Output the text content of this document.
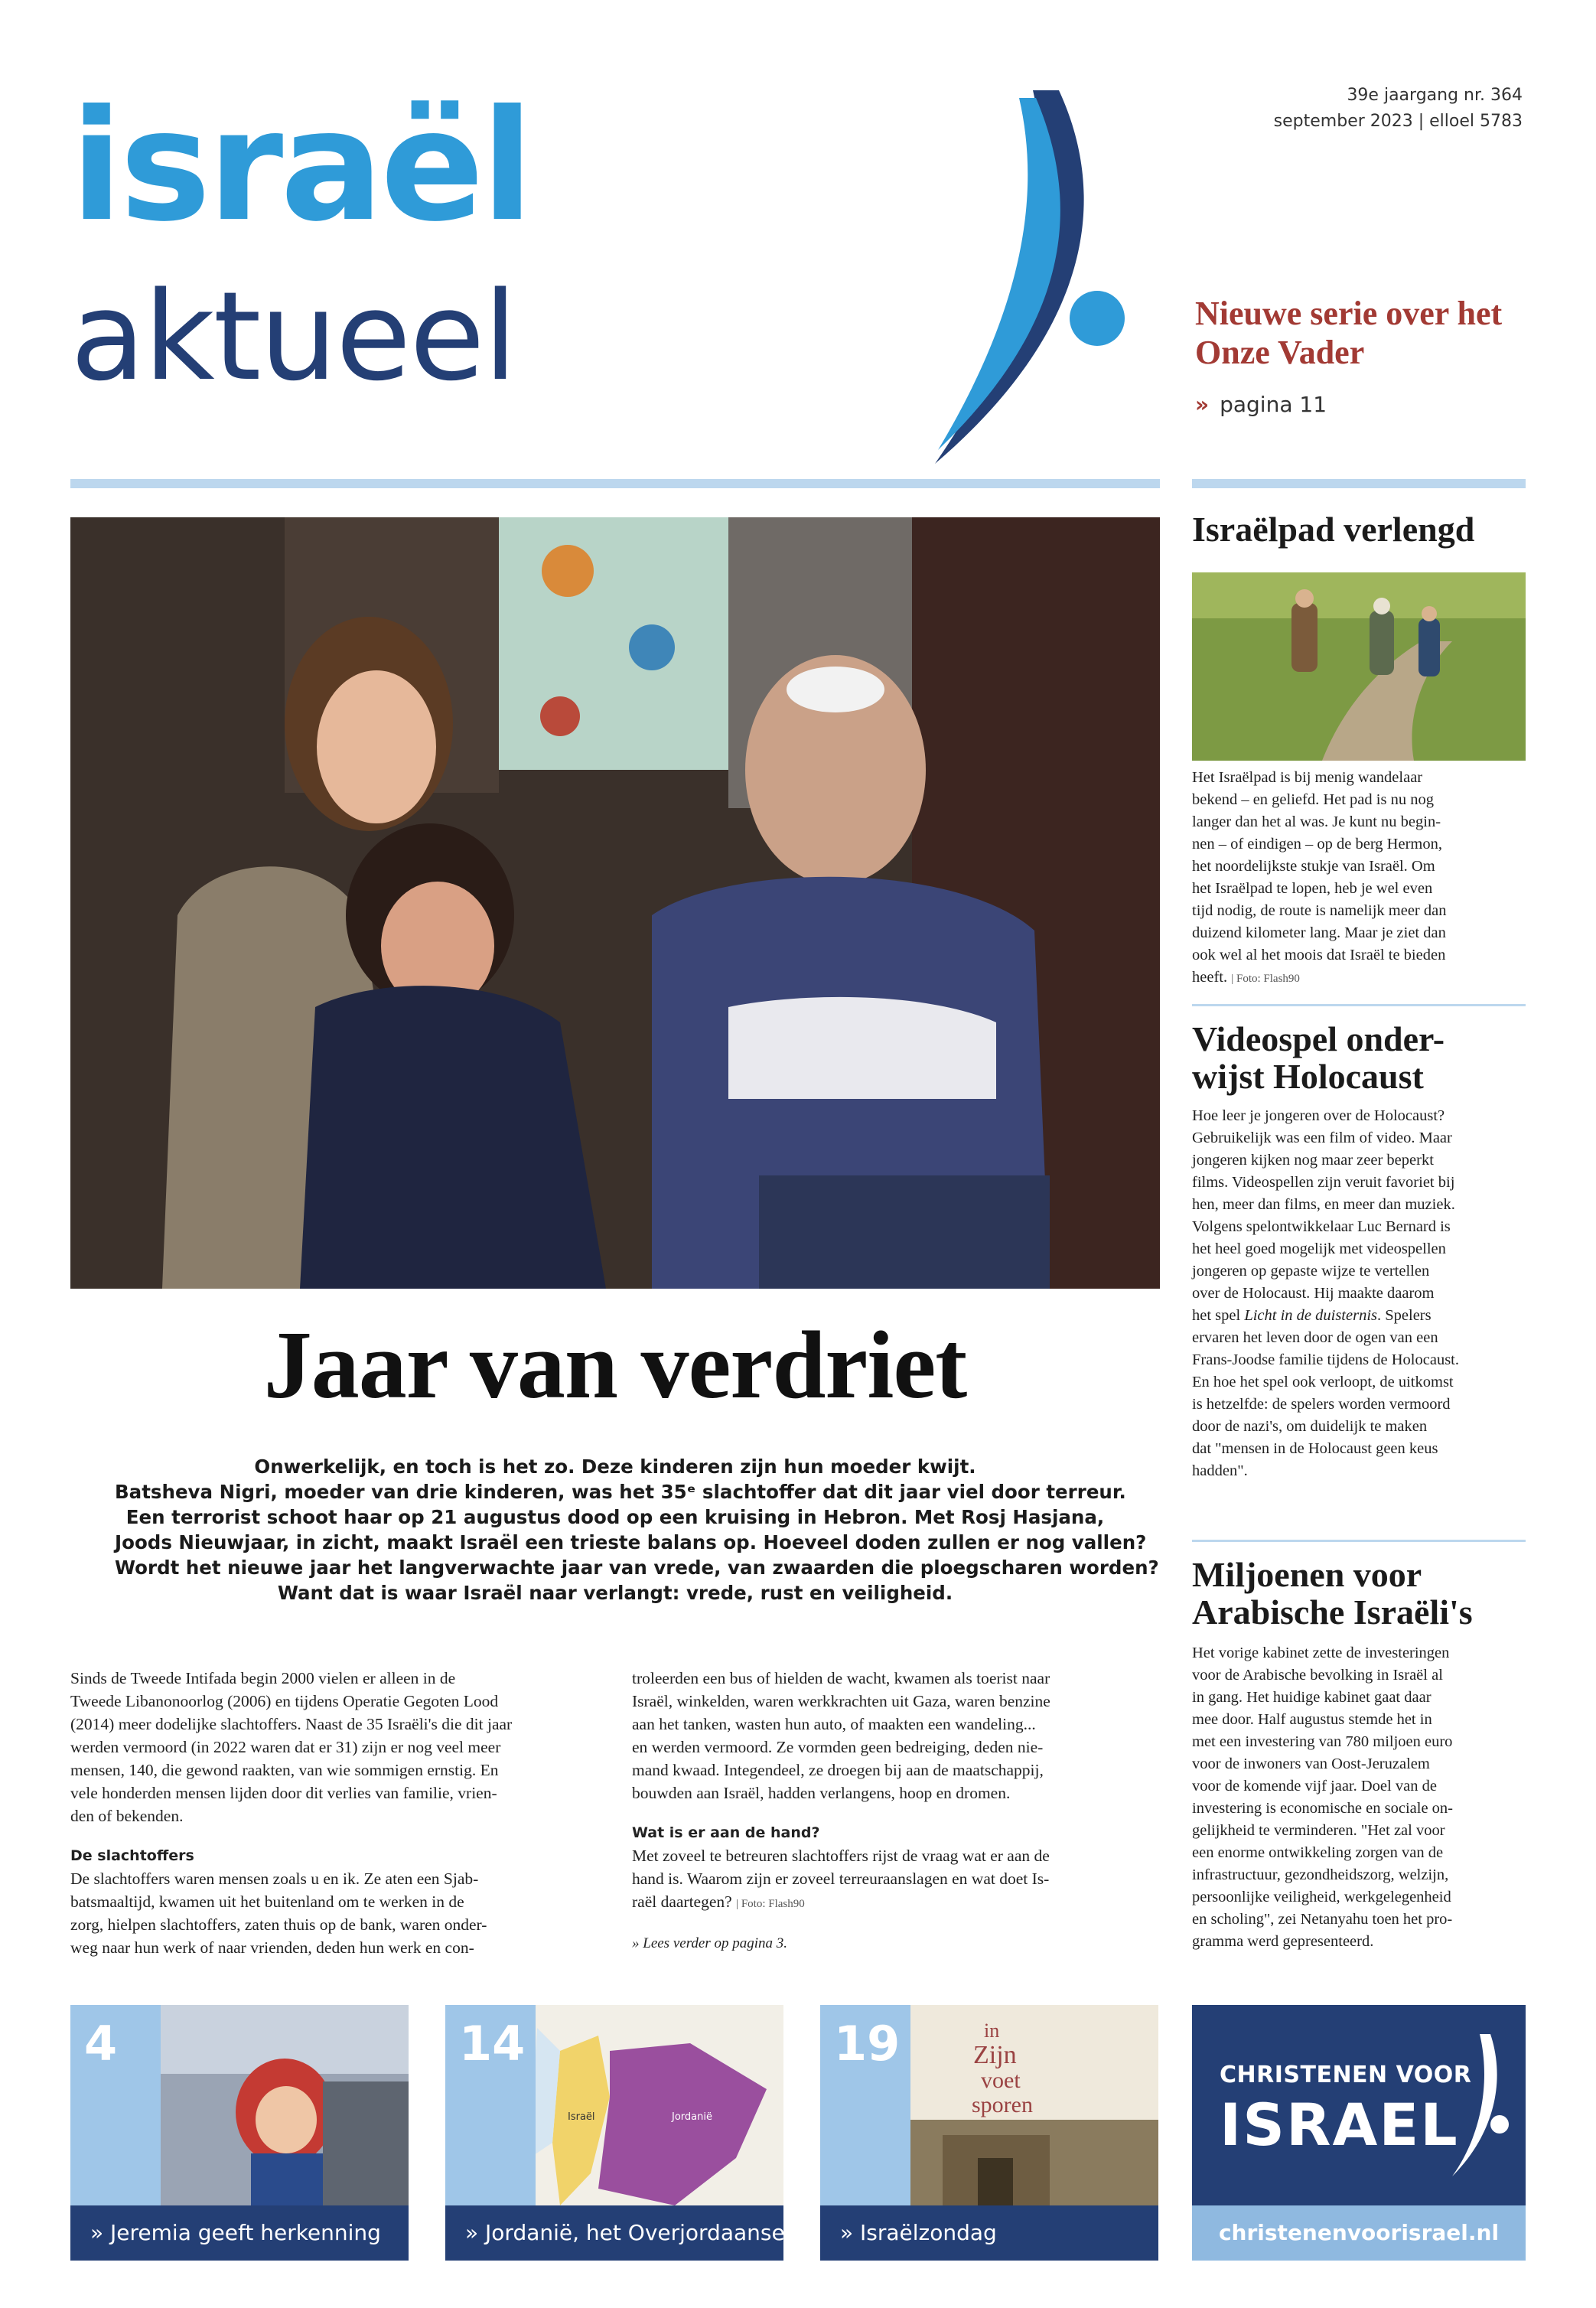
israël
aktueel
39e jaargang nr. 364
september 2023 | elloel 5783
Nieuwe serie over het Onze Vader
» pagina 11
Jaar van verdriet

Onwerkelijk, en toch is het zo. Deze kinderen zijn hun moeder kwijt.

Batsheva Nigri, moeder van drie kinderen, was het 35ᵉ slachtoffer dat dit jaar viel door terreur.

Een terrorist schoot haar op 21 augustus dood op een kruising in Hebron. Met Rosj Hasjana,

Joods Nieuwjaar, in zicht, maakt Israël een trieste balans op. Hoeveel doden zullen er nog vallen?

Wordt het nieuwe jaar het langverwachte jaar van vrede, van zwaarden die ploegscharen worden?

Want dat is waar Israël naar verlangt: vrede, rust en veiligheid.

Sinds de Tweede Intifada begin 2000 vielen er alleen in de

Tweede Libanonoorlog (2006) en tijdens Operatie Gegoten Lood

(2014) meer dodelijke slachtoffers. Naast de 35 Israëli's die dit jaar

werden vermoord (in 2022 waren dat er 31) zijn er nog veel meer

mensen, 140, die gewond raakten, van wie sommigen ernstig. En

vele honderden mensen lijden door dit verlies van familie, vrien-

den of bekenden.

De slachtoffers

De slachtoffers waren mensen zoals u en ik. Ze aten een Sjab-

batsmaaltijd, kwamen uit het buitenland om te werken in de

zorg, hielpen slachtoffers, zaten thuis op de bank, waren onder-

weg naar hun werk of naar vrienden, deden hun werk en con-

troleerden een bus of hielden de wacht, kwamen als toerist naar

Israël, winkelden, waren werkkrachten uit Gaza, waren benzine

aan het tanken, wasten hun auto, of maakten een wandeling...

en werden vermoord. Ze vormden geen bedreiging, deden nie-

mand kwaad. Integendeel, ze droegen bij aan de maatschappij,

bouwden aan Israël, hadden verlangens, hoop en dromen.

Wat is er aan de hand?

Met zoveel te betreuren slachtoffers rijst de vraag wat er aan de

hand is. Waarom zijn er zoveel terreuraanslagen en wat doet Is-

raël daartegen? | Foto: Flash90

» Lees verder op pagina 3.

Israëlpad verlengd

Het Israëlpad is bij menig wandelaar

bekend – en geliefd. Het pad is nu nog

langer dan het al was. Je kunt nu begin-

nen – of eindigen – op de berg Hermon,

het noordelijkste stukje van Israël. Om

het Israëlpad te lopen, heb je wel even

tijd nodig, de route is namelijk meer dan

duizend kilometer lang. Maar je ziet dan

ook wel al het moois dat Israël te bieden

heeft. | Foto: Flash90

Videospel onder-
wijst Holocaust

Hoe leer je jongeren over de Holocaust?

Gebruikelijk was een film of video. Maar

jongeren kijken nog maar zeer beperkt

films. Videospellen zijn veruit favoriet bij

hen, meer dan films, en meer dan muziek.

Volgens spelontwikkelaar Luc Bernard is

het heel goed mogelijk met videospellen

jongeren op gepaste wijze te vertellen

over de Holocaust. Hij maakte daarom

het spel Licht in de duisternis. Spelers

ervaren het leven door de ogen van een

Frans-Joodse familie tijdens de Holocaust.

En hoe het spel ook verloopt, de uitkomst

is hetzelfde: de spelers worden vermoord

door de nazi's, om duidelijk te maken

dat "mensen in de Holocaust geen keus

hadden".

Miljoenen voor
Arabische Israëli's

Het vorige kabinet zette de investeringen

voor de Arabische bevolking in Israël al

in gang. Het huidige kabinet gaat daar

mee door. Half augustus stemde het in

met een investering van 780 miljoen euro

voor de inwoners van Oost-Jeruzalem

voor de komende vijf jaar. Doel van de

investering is economische en sociale on-

gelijkheid te verminderen. "Het zal voor

een enorme ontwikkeling zorgen van de

infrastructuur, gezondheidszorg, welzijn,

persoonlijke veiligheid, werkgelegenheid

en scholing", zei Netanyahu toen het pro-

gramma werd gepresenteerd.

4
» Jeremia geeft herkenning
Israël	Jordanië
14
» Jordanië, het Overjordaanse
in
Zijn
voet
sporen
19
» Israëlzondag
CHRISTENEN VOOR
ISRAEL
christenenvoorisrael.nl
